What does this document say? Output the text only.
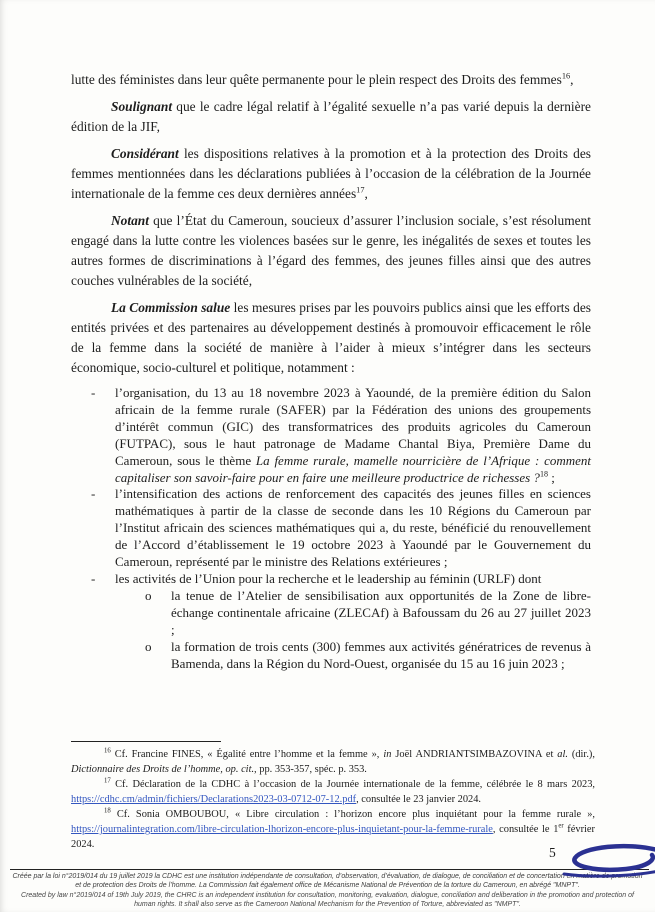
lutte des féministes dans leur quête permanente pour le plein respect des Droits des femmes$^{16}$,

Soulignant que le cadre légal relatif à l’égalité sexuelle n’a pas varié depuis la dernière édition de la JIF,

Considérant les dispositions relatives à la promotion et à la protection des Droits des femmes mentionnées dans les déclarations publiées à l’occasion de la célébration de la Journée internationale de la femme ces deux dernières années$^{17}$,

Notant que l’État du Cameroun, soucieux d’assurer l’inclusion sociale, s’est résolument engagé dans la lutte contre les violences basées sur le genre, les inégalités de sexes et toutes les autres formes de discriminations à l’égard des femmes, des jeunes filles ainsi que des autres couches vulnérables de la société,

La Commission salue les mesures prises par les pouvoirs publics ainsi que les efforts des entités privées et des partenaires au développement destinés à promouvoir efficacement le rôle de la femme dans la société de manière à l’aider à mieux s’intégrer dans les secteurs économique, socio-culturel et politique, notamment :

- l’organisation, du 13 au 18 novembre 2023 à Yaoundé, de la première édition du Salon africain de la femme rurale (SAFER) par la Fédération des unions des groupements d’intérêt commun (GIC) des transformatrices des produits agricoles du Cameroun (FUTPAC), sous le haut patronage de Madame Chantal Biya, Première Dame du Cameroun, sous le thème La femme rurale, mamelle nourricière de l’Afrique : comment capitaliser son savoir-faire pour en faire une meilleure productrice de richesses ?$^{18}$ ;
- l’intensification des actions de renforcement des capacités des jeunes filles en sciences mathématiques à partir de la classe de seconde dans les 10 Régions du Cameroun par l’Institut africain des sciences mathématiques qui a, du reste, bénéficié du renouvellement de l’Accord d’établissement le 19 octobre 2023 à Yaoundé par le Gouvernement du Cameroun, représenté par le ministre des Relations extérieures ;
- les activités de l’Union pour la recherche et le leadership au féminin (URLF) dont
o la tenue de l’Atelier de sensibilisation aux opportunités de la Zone de libre-échange continentale africaine (ZLECAf) à Bafoussam du 26 au 27 juillet 2023 ;
o la formation de trois cents (300) femmes aux activités génératrices de revenus à Bamenda, dans la Région du Nord-Ouest, organisée du 15 au 16 juin 2023 ;

$^{16}$ Cf. Francine FINES, « Égalité entre l’homme et la femme », in Joël ANDRIANTSIMBAZOVINA et al. (dir.), Dictionnaire des Droits de l’homme, op. cit., pp. 353-357, spéc. p. 353.

$^{17}$ Cf. Déclaration de la CDHC à l’occasion de la Journée internationale de la femme, célébrée le 8 mars 2023, https://cdhc.cm/admin/fichiers/Declarations2023-03-0712-07-12.pdf, consultée le 23 janvier 2024.

$^{18}$ Cf. Sonia OMBOUBOU, « Libre circulation : l’horizon encore plus inquiétant pour la femme rurale », https://journalintegration.com/libre-circulation-lhorizon-encore-plus-inquietant-pour-la-femme-rurale, consultée le 1er février 2024.

5
Créée par la loi n°2019/014 du 19 juillet 2019 la CDHC est une institution indépendante de consultation, d’observation, d’évaluation, de dialogue, de conciliation et de concertation en matière de promotion et de protection des Droits de l’homme. La Commission fait également office de Mécanisme National de Prévention de la torture du Cameroun, en abrégé "MNPT".
Created by law n°2019/014 of 19th July 2019, the CHRC is an independent institution for consultation, monitoring, evaluation, dialogue, conciliation and deliberation in the promotion and protection of human rights. It shall also serve as the Cameroon National Mechanism for the Prevention of Torture, abbreviated as "NMPT".
